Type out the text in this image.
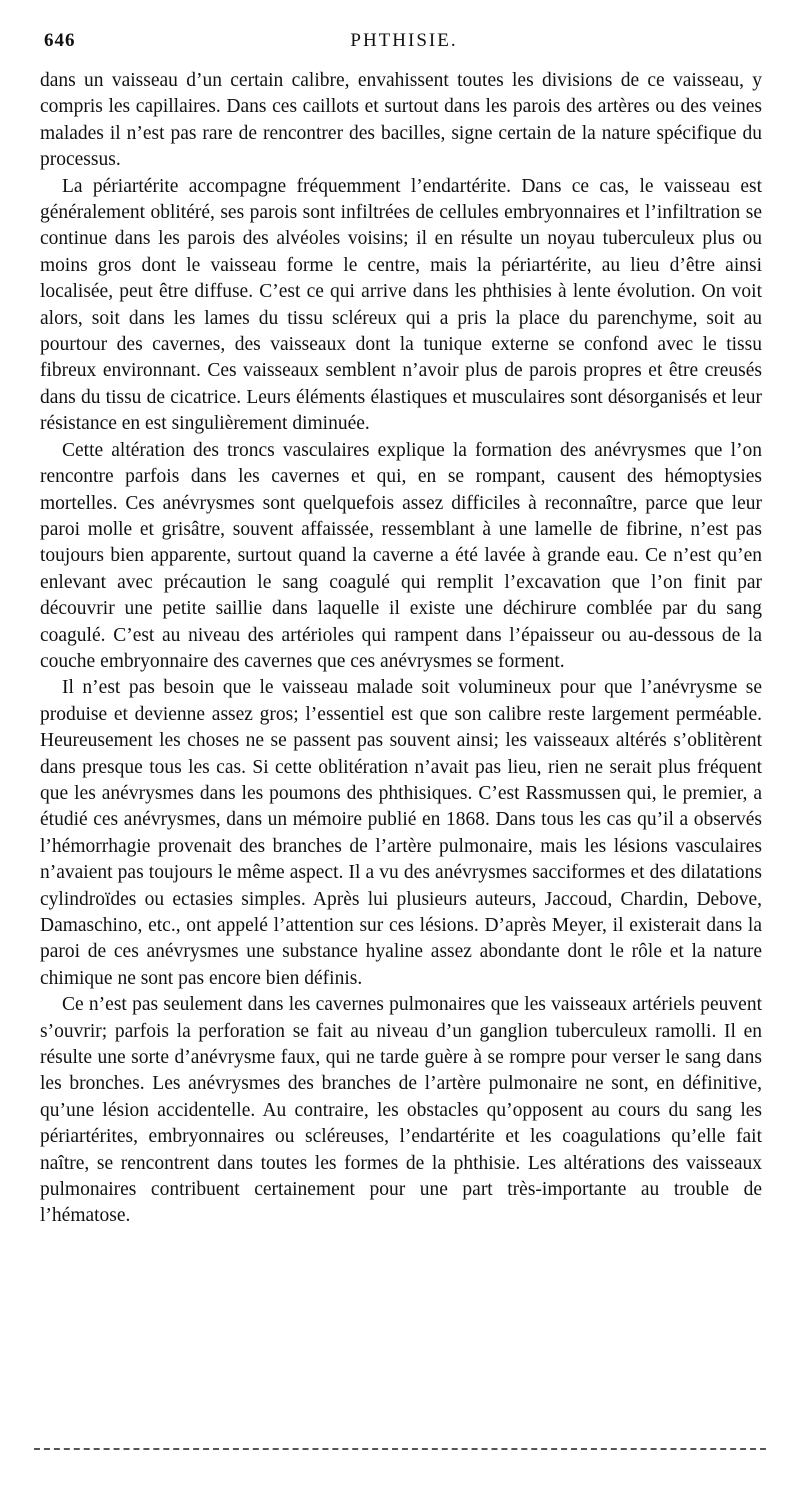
646	PHTHISIE.

dans un vaisseau d’un certain calibre, envahissent toutes les divisions de ce vaisseau, y compris les capillaires. Dans ces caillots et surtout dans les parois des artères ou des veines malades il n’est pas rare de rencontrer des bacilles, signe certain de la nature spécifique du processus.

La périartérite accompagne fréquemment l’endartérite. Dans ce cas, le vaisseau est généralement oblitéré, ses parois sont infiltrées de cellules embryonnaires et l’infiltration se continue dans les parois des alvéoles voisins; il en résulte un noyau tuberculeux plus ou moins gros dont le vaisseau forme le centre, mais la périartérite, au lieu d’être ainsi localisée, peut être diffuse. C’est ce qui arrive dans les phthisies à lente évolution. On voit alors, soit dans les lames du tissu scléreux qui a pris la place du parenchyme, soit au pourtour des cavernes, des vaisseaux dont la tunique externe se confond avec le tissu fibreux environnant. Ces vaisseaux semblent n’avoir plus de parois propres et être creusés dans du tissu de cicatrice. Leurs éléments élastiques et musculaires sont désorganisés et leur résistance en est singulièrement diminuée.

Cette altération des troncs vasculaires explique la formation des anévrysmes que l’on rencontre parfois dans les cavernes et qui, en se rompant, causent des hémoptysies mortelles. Ces anévrysmes sont quelquefois assez difficiles à reconnaître, parce que leur paroi molle et grisâtre, souvent affaissée, ressemblant à une lamelle de fibrine, n’est pas toujours bien apparente, surtout quand la caverne a été lavée à grande eau. Ce n’est qu’en enlevant avec précaution le sang coagulé qui remplit l’excavation que l’on finit par découvrir une petite saillie dans laquelle il existe une déchirure comblée par du sang coagulé. C’est au niveau des artérioles qui rampent dans l’épaisseur ou au-dessous de la couche embryonnaire des cavernes que ces anévrysmes se forment.

Il n’est pas besoin que le vaisseau malade soit volumineux pour que l’anévrysme se produise et devienne assez gros; l’essentiel est que son calibre reste largement perméable. Heureusement les choses ne se passent pas souvent ainsi; les vaisseaux altérés s’oblitèrent dans presque tous les cas. Si cette oblitération n’avait pas lieu, rien ne serait plus fréquent que les anévrysmes dans les poumons des phthisiques. C’est Rassmussen qui, le premier, a étudié ces anévrysmes, dans un mémoire publié en 1868. Dans tous les cas qu’il a observés l’hémorrhagie provenait des branches de l’artère pulmonaire, mais les lésions vasculaires n’avaient pas toujours le même aspect. Il a vu des anévrysmes sacciformes et des dilatations cylindroïdes ou ectasies simples. Après lui plusieurs auteurs, Jaccoud, Chardin, Debove, Damaschino, etc., ont appelé l’attention sur ces lésions. D’après Meyer, il existerait dans la paroi de ces anévrysmes une substance hyaline assez abondante dont le rôle et la nature chimique ne sont pas encore bien définis.

Ce n’est pas seulement dans les cavernes pulmonaires que les vaisseaux artériels peuvent s’ouvrir; parfois la perforation se fait au niveau d’un ganglion tuberculeux ramolli. Il en résulte une sorte d’anévrysme faux, qui ne tarde guère à se rompre pour verser le sang dans les bronches. Les anévrysmes des branches de l’artère pulmonaire ne sont, en définitive, qu’une lésion accidentelle. Au contraire, les obstacles qu’opposent au cours du sang les périartérites, embryonnaires ou scléreuses, l’endartérite et les coagulations qu’elle fait naître, se rencontrent dans toutes les formes de la phthisie. Les altérations des vaisseaux pulmonaires contribuent certainement pour une part très-importante au trouble de l’hématose.
